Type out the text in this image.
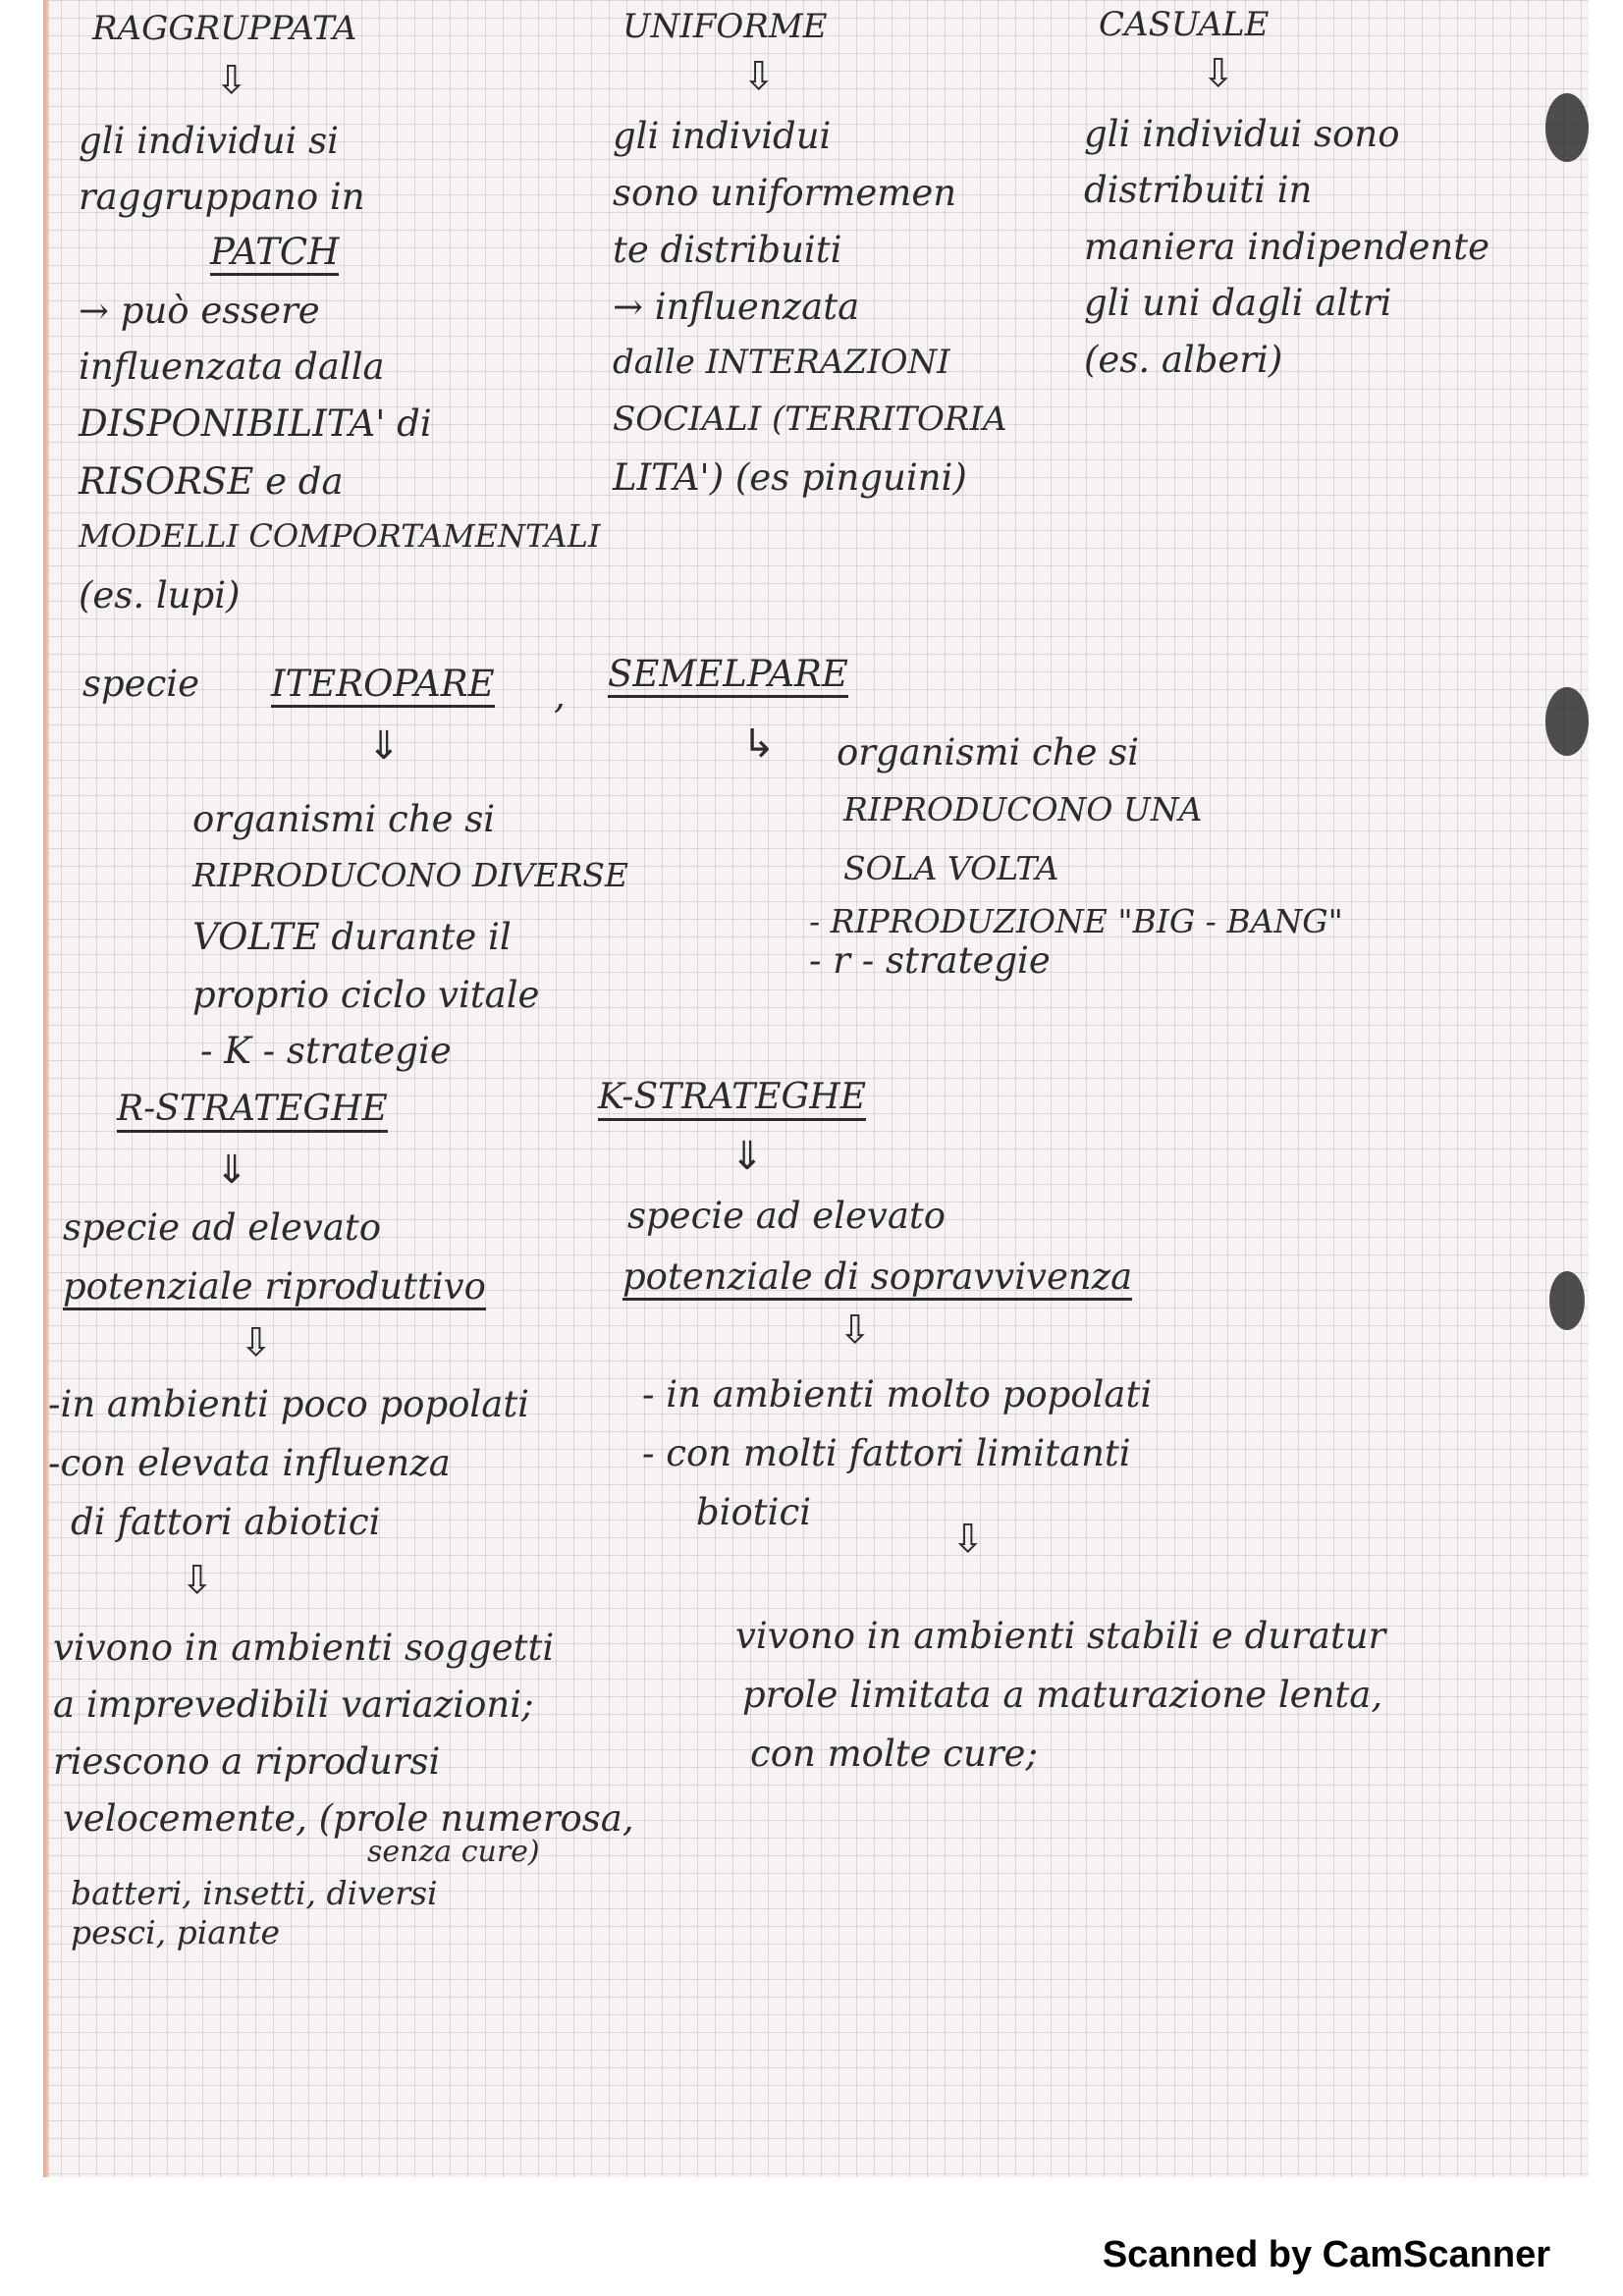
RAGGRUPPATA
⇩
gli individui si
raggruppano in
PATCH
→ può essere
influenzata dalla
DISPONIBILITA' di
RISORSE e da
MODELLI COMPORTAMENTALI
(es. lupi)
UNIFORME
⇩
gli individui
sono uniformemen
te distribuiti
→ influenzata
dalle INTERAZIONI
SOCIALI (TERRITORIA
LITA') (es pinguini)
CASUALE
⇩
gli individui sono
distribuiti in
maniera indipendente
gli uni dagli altri
(es. alberi)
specie ITEROPARE ,
SEMELPARE
⇓
organismi che si
RIPRODUCONO DIVERSE
VOLTE durante il
proprio ciclo vitale
- K - strategie
↳ organismi che si
RIPRODUCONO UNA
SOLA VOLTA
- RIPRODUZIONE "BIG - BANG"
- r - strategie
R-STRATEGHE
⇓
specie ad elevato
potenziale riproduttivo
⇩
-in ambienti poco popolati
-con elevata influenza
di fattori abiotici
⇩
vivono in ambienti soggetti
a imprevedibili variazioni;
riescono a riprodursi
velocemente, (prole numerosa,
senza cure)
batteri, insetti, diversi
pesci, piante
K-STRATEGHE
⇓
specie ad elevato
potenziale di sopravvivenza
⇩
- in ambienti molto popolati
- con molti fattori limitanti
biotici
⇩
vivono in ambienti stabili e duratur
prole limitata a maturazione lenta,
con molte cure;
Scanned by CamScanner
